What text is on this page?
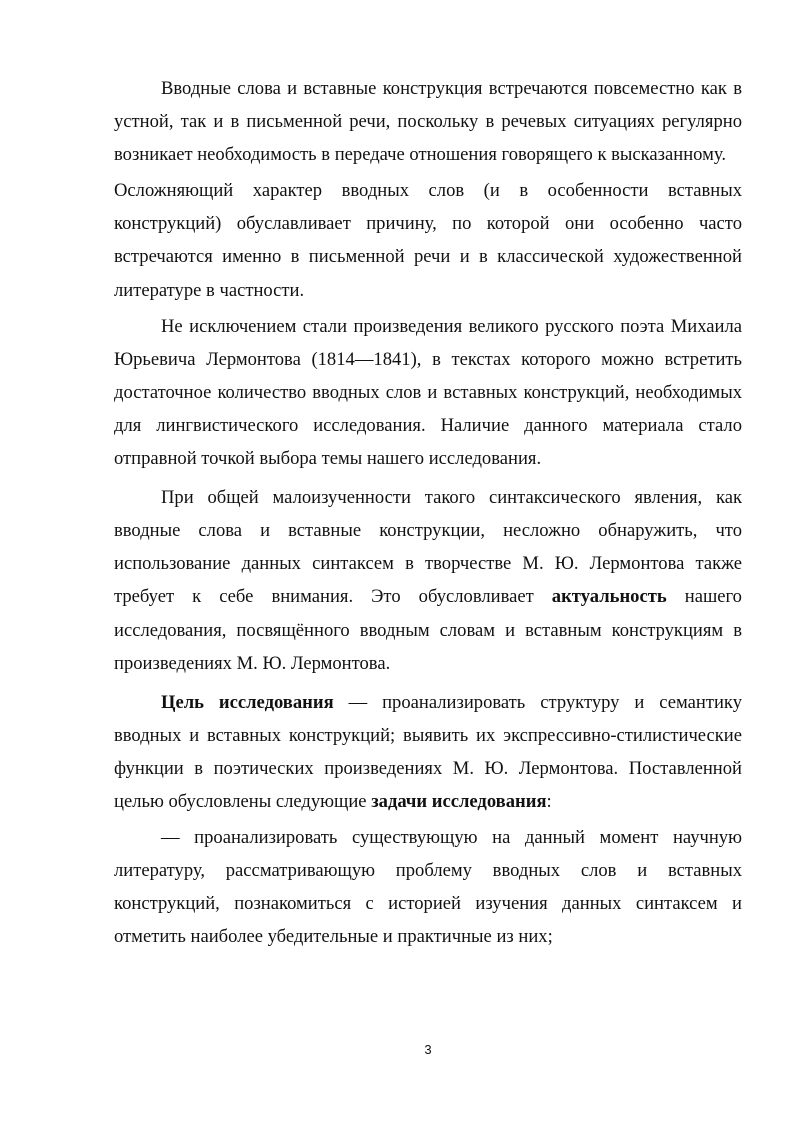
Вводные слова и вставные конструкция встречаются повсеместно как в устной, так и в письменной речи, поскольку в речевых ситуациях регулярно возникает необходимость в передаче отношения говорящего к высказанному.

Осложняющий характер вводных слов (и в особенности вставных конструкций) обуславливает причину, по которой они особенно часто встречаются именно в письменной речи и в классической художественной литературе в частности.

Не исключением стали произведения великого русского поэта Михаила Юрьевича Лермонтова (1814—1841), в текстах которого можно встретить достаточное количество вводных слов и вставных конструкций, необходимых для лингвистического исследования. Наличие данного материала стало отправной точкой выбора темы нашего исследования.

При общей малоизученности такого синтаксического явления, как вводные слова и вставные конструкции, несложно обнаружить, что использование данных синтаксем в творчестве М. Ю. Лермонтова также требует к себе внимания. Это обусловливает актуальность нашего исследования, посвящённого вводным словам и вставным конструкциям в произведениях М. Ю. Лермонтова.

Цель исследования — проанализировать структуру и семантику вводных и вставных конструкций; выявить их экспрессивно-стилистические функции в поэтических произведениях М. Ю. Лермонтова. Поставленной целью обусловлены следующие задачи исследования:

— проанализировать существующую на данный момент научную литературу, рассматривающую проблему вводных слов и вставных конструкций, познакомиться с историей изучения данных синтаксем и отметить наиболее убедительные и практичные из них;

3
